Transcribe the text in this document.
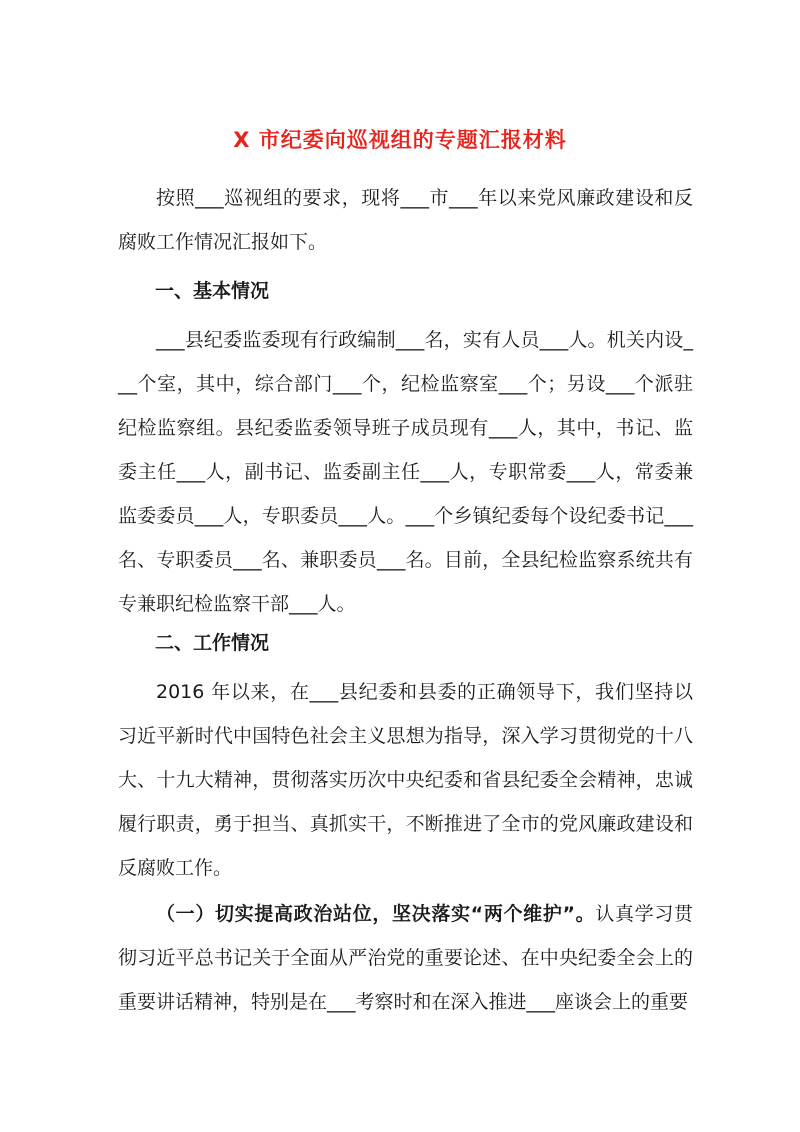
X 市纪委向巡视组的专题汇报材料

按照___巡视组的要求，现将___市___年以来党风廉政建设和反腐败工作情况汇报如下。

一、基本情况

___县纪委监委现有行政编制___名，实有人员___人。机关内设___个室，其中，综合部门___个，纪检监察室___个；另设___个派驻纪检监察组。县纪委监委领导班子成员现有___人，其中，书记、监委主任___人，副书记、监委副主任___人，专职常委___人，常委兼监委委员___人，专职委员___人。___个乡镇纪委每个设纪委书记___名、专职委员___名、兼职委员___名。目前，全县纪检监察系统共有专兼职纪检监察干部___人。

二、工作情况

2016 年以来，在___县纪委和县委的正确领导下，我们坚持以习近平新时代中国特色社会主义思想为指导，深入学习贯彻党的十八大、十九大精神，贯彻落实历次中央纪委和省县纪委全会精神，忠诚履行职责，勇于担当、真抓实干，不断推进了全市的党风廉政建设和反腐败工作。

（一）切实提高政治站位，坚决落实“两个维护”。认真学习贯彻习近平总书记关于全面从严治党的重要论述、在中央纪委全会上的重要讲话精神，特别是在___考察时和在深入推进___座谈会上的重要
